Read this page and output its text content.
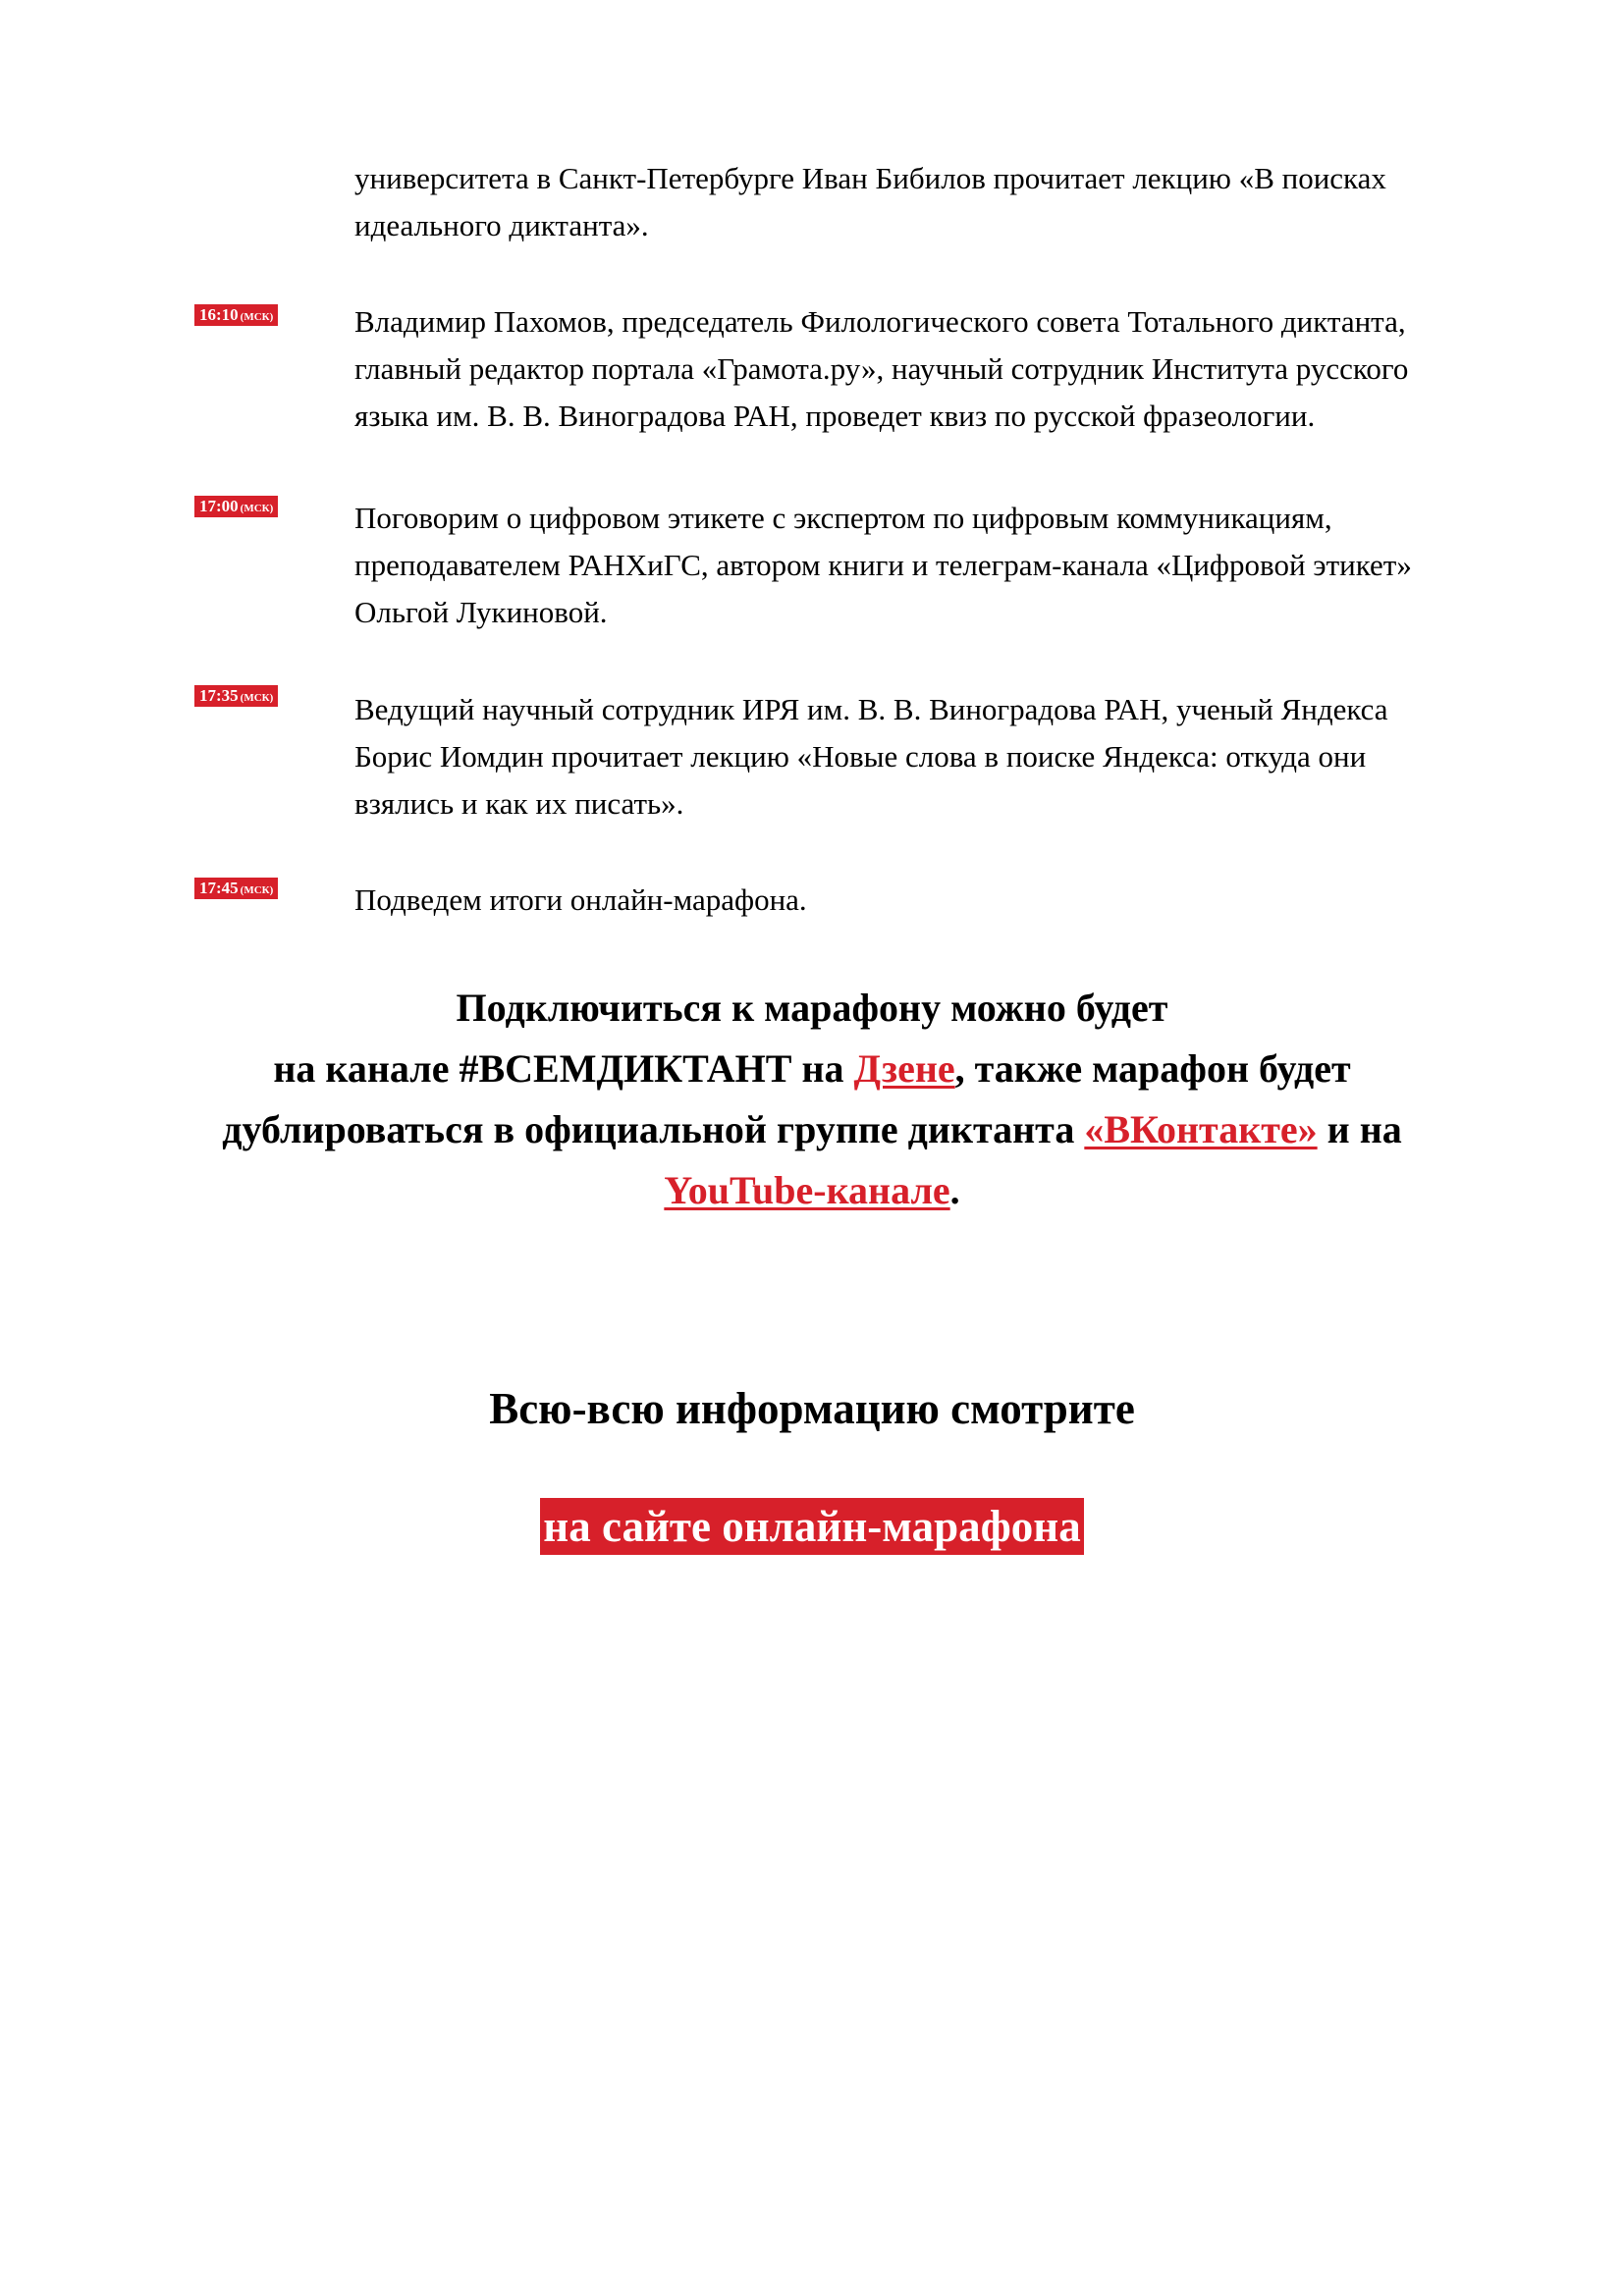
университета в Санкт-Петербурге Иван Бибилов прочитает лекцию «В поисках
идеального диктанта».

16:10 (МСК)	Владимир Пахомов, председатель Филологического совета Тотального диктанта,
главный редактор портала «Грамота.ру», научный сотрудник Института русского
языка им. В. В. Виноградова РАН, проведет квиз по русской фразеологии.

17:00 (МСК)	Поговорим о цифровом этикете с экспертом по цифровым коммуникациям,
преподавателем РАНХиГС, автором книги и телеграм-канала «Цифровой этикет»
Ольгой Лукиновой.

17:35 (МСК)	Ведущий научный сотрудник ИРЯ им. В. В. Виноградова РАН, ученый Яндекса
Борис Иомдин прочитает лекцию «Новые слова в поиске Яндекса: откуда они
взялись и как их писать».

17:45 (МСК)	Подведем итоги онлайн-марафона.

Подключиться к марафону можно будет
на канале #ВСЕМДИКТАНТ на Дзене, также марафон будет
дублироваться в официальной группе диктанта «ВКонтакте» и на
YouTube-канале.

Всю-всю информацию смотрите

на сайте онлайн-марафона
